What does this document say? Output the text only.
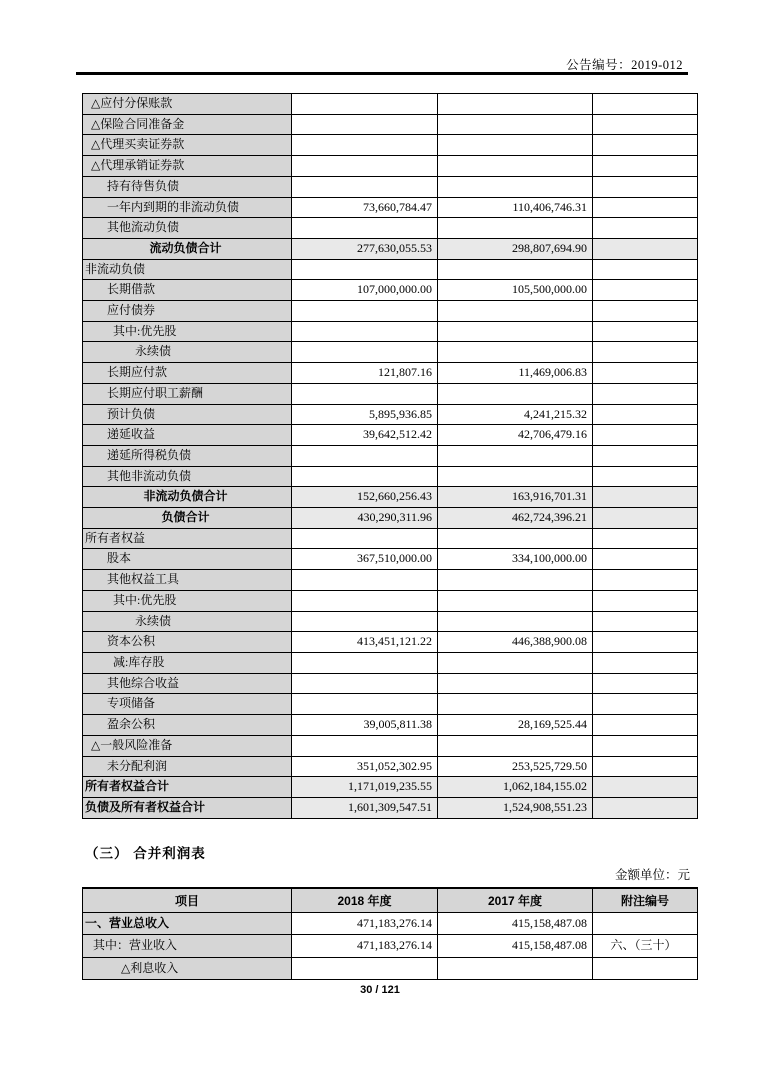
公告编号：2019-012
△应付分保账款			
△保险合同准备金			
△代理买卖证券款			
△代理承销证券款			
持有待售负债			
一年内到期的非流动负债	73,660,784.47	110,406,746.31	
其他流动负债			
流动负债合计	277,630,055.53	298,807,694.90	
非流动负债			
长期借款	107,000,000.00	105,500,000.00	
应付债券			
其中:优先股			
永续债			
长期应付款	121,807.16	11,469,006.83	
长期应付职工薪酬			
预计负债	5,895,936.85	4,241,215.32	
递延收益	39,642,512.42	42,706,479.16	
递延所得税负债			
其他非流动负债			
非流动负债合计	152,660,256.43	163,916,701.31	
负债合计	430,290,311.96	462,724,396.21	
所有者权益			
股本	367,510,000.00	334,100,000.00	
其他权益工具			
其中:优先股			
永续债			
资本公积	413,451,121.22	446,388,900.08	
减:库存股			
其他综合收益			
专项储备			
盈余公积	39,005,811.38	28,169,525.44	
△一般风险准备			
未分配利润	351,052,302.95	253,525,729.50	
所有者权益合计	1,171,019,235.55	1,062,184,155.02	
负债及所有者权益合计	1,601,309,547.51	1,524,908,551.23	
（三） 合并利润表
金额单位：元
项目	2018 年度	2017 年度	附注编号
一、营业总收入	471,183,276.14	415,158,487.08	
其中：营业收入	471,183,276.14	415,158,487.08	六、（三十）
△利息收入			
30 / 121
